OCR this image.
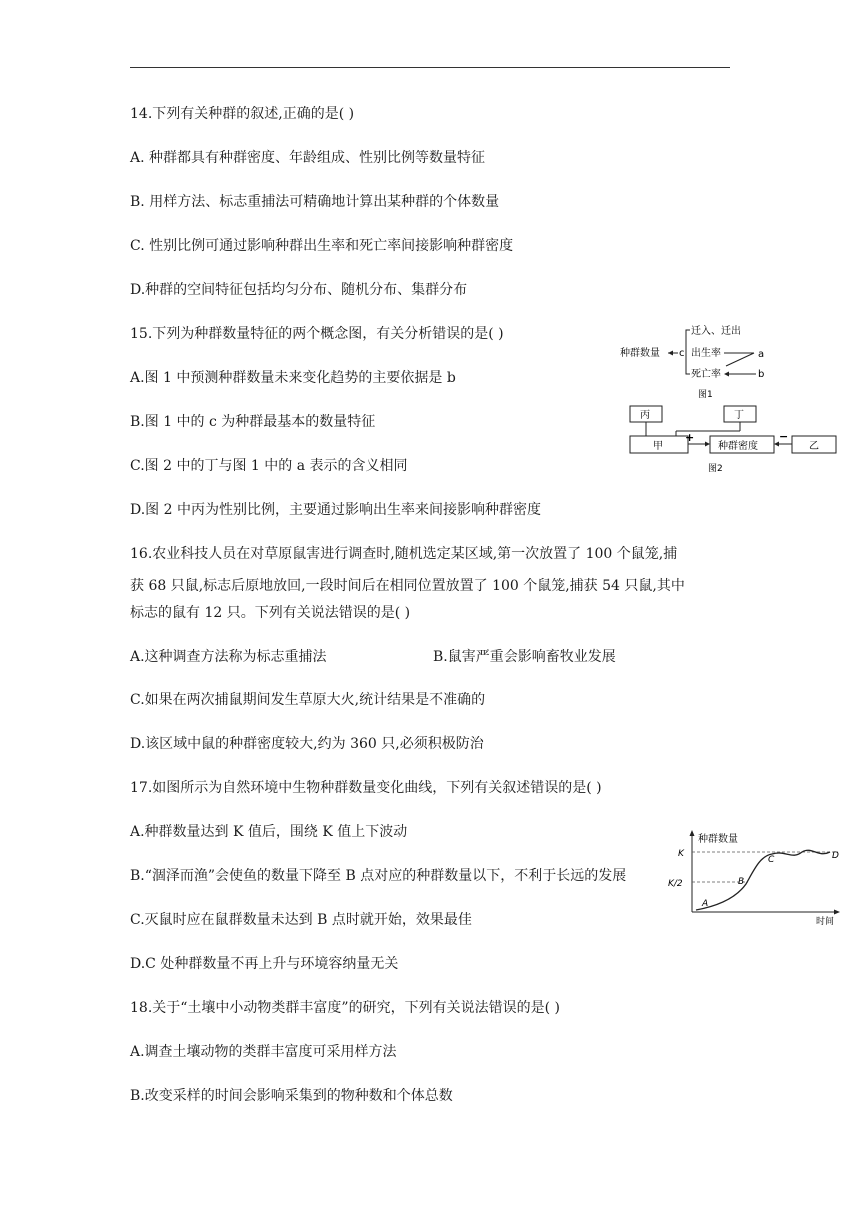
14.下列有关种群的叙述,正确的是( )
A. 种群都具有种群密度、年龄组成、性别比例等数量特征
B. 用样方法、标志重捕法可精确地计算出某种群的个体数量
C. 性别比例可通过影响种群出生率和死亡率间接影响种群密度
D.种群的空间特征包括均匀分布、随机分布、集群分布
15.下列为种群数量特征的两个概念图，有关分析错误的是( )
A.图 1 中预测种群数量未来变化趋势的主要依据是 b
B.图 1 中的 c 为种群最基本的数量特征
C.图 2 中的丁与图 1 中的 a 表示的含义相同
D.图 2 中丙为性别比例，主要通过影响出生率来间接影响种群密度
种群数量 c
迁入、迁出
出生率
死亡率
a
b
图1
丙	丁
甲
+
种群密度
−
乙
图2
16.农业科技人员在对草原鼠害进行调查时,随机选定某区域,第一次放置了 100 个鼠笼,捕
获 68 只鼠,标志后原地放回,一段时间后在相同位置放置了 100 个鼠笼,捕获 54 只鼠,其中
标志的鼠有 12 只。下列有关说法错误的是( )
A.这种调查方法称为标志重捕法	B.鼠害严重会影响畜牧业发展
C.如果在两次捕鼠期间发生草原大火,统计结果是不准确的
D.该区域中鼠的种群密度较大,约为 360 只,必须积极防治
17.如图所示为自然环境中生物种群数量变化曲线，下列有关叙述错误的是( )
A.种群数量达到 K 值后，围绕 K 值上下波动
B.“涸泽而渔”会使鱼的数量下降至 B 点对应的种群数量以下，不利于长远的发展
C.灭鼠时应在鼠群数量未达到 B 点时就开始，效果最佳
D.C 处种群数量不再上升与环境容纳量无关
种群数量
时间
K
K/2
A
B
C	D
18.关于“土壤中小动物类群丰富度”的研究，下列有关说法错误的是( )
A.调查土壤动物的类群丰富度可采用样方法
B.改变采样的时间会影响采集到的物种数和个体总数
